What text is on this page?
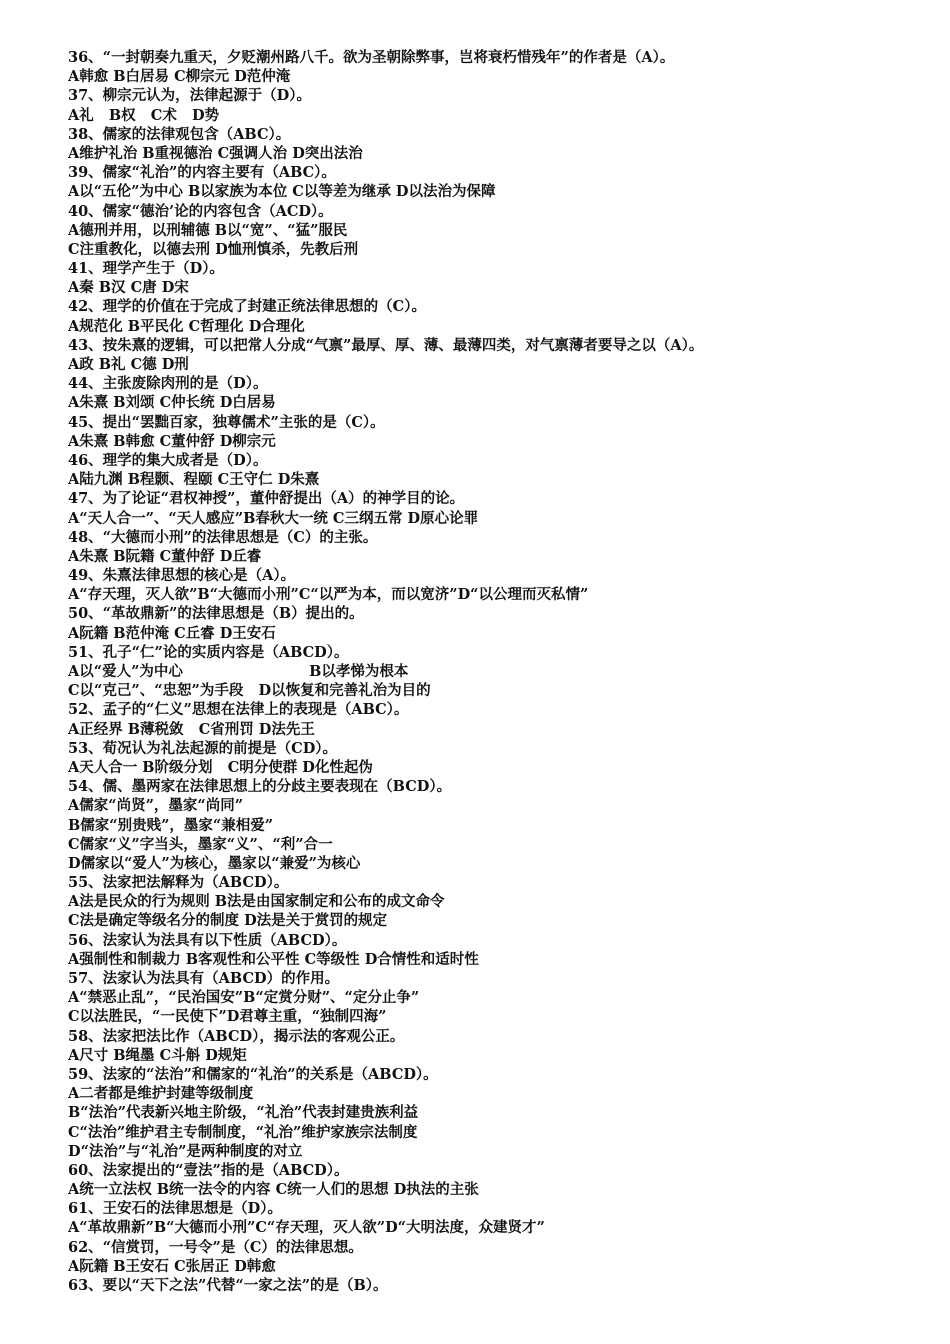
36、“一封朝奏九重天，夕贬潮州路八千。欲为圣朝除弊事，岂将衰朽惜残年”的作者是（A）。
A韩愈 B白居易 C柳宗元 D范仲淹
37、柳宗元认为，法律起源于（D）。
A礼   B权   C术   D势
38、儒家的法律观包含（ABC）。
A维护礼治 B重视德治 C强调人治 D突出法治
39、儒家“礼治”的内容主要有（ABC）。
A以“五伦”为中心 B以家族为本位 C以等差为继承 D以法治为保障
40、儒家“德治’论的内容包含（ACD）。
A德刑并用，以刑辅德 B以“宽”、“猛”服民
C注重教化，以德去刑 D恤刑慎杀，先教后刑
41、理学产生于（D）。
A秦 B汉 C唐 D宋
42、理学的价值在于完成了封建正统法律思想的（C）。
A规范化 B平民化 C哲理化 D合理化
43、按朱熹的逻辑，可以把常人分成“气禀”最厚、厚、薄、最薄四类，对气禀薄者要导之以（A）。
A政 B礼 C德 D刑
44、主张废除肉刑的是（D）。
A朱熹 B刘颂 C仲长统 D白居易
45、提出“罢黜百家，独尊儒术”主张的是（C）。
A朱熹 B韩愈 C董仲舒 D柳宗元
46、理学的集大成者是（D）。
A陆九渊 B程颢、程颐 C王守仁 D朱熹
47、为了论证“君权神授”，董仲舒提出（A）的神学目的论。
A“天人合一”、“天人感应”B春秋大一统 C三纲五常 D原心论罪
48、“大德而小刑”的法律思想是（C）的主张。
A朱熹 B阮籍 C董仲舒 D丘睿
49、朱熹法律思想的核心是（A）。
A“存天理，灭人欲”B“大德而小刑”C“以严为本，而以宽济”D“以公理而灭私情”
50、“革故鼎新”的法律思想是（B）提出的。
A阮籍 B范仲淹 C丘睿 D王安石
51、孔子“仁”论的实质内容是（ABCD）。
A以“爱人”为中心                         B以孝悌为根本
C以“克己”、“忠恕”为手段   D以恢复和完善礼治为目的
52、孟子的“仁义”思想在法律上的表现是（ABC）。
A正经界 B薄税敛   C省刑罚 D法先王
53、荀况认为礼法起源的前提是（CD）。
A天人合一 B阶级分划   C明分使群 D化性起伪
54、儒、墨两家在法律思想上的分歧主要表现在（BCD）。
A儒家“尚贤”，墨家“尚同”
B儒家“别贵贱”，墨家“兼相爱”
C儒家“义”字当头，墨家“义”、“利”合一
D儒家以“爱人”为核心，墨家以“兼爱”为核心
55、法家把法解释为（ABCD）。
A法是民众的行为规则 B法是由国家制定和公布的成文命令
C法是确定等级名分的制度 D法是关于赏罚的规定
56、法家认为法具有以下性质（ABCD）。
A强制性和制裁力 B客观性和公平性 C等级性 D合情性和适时性
57、法家认为法具有（ABCD）的作用。
A“禁恶止乱”，“民治国安”B“定赏分财”、“定分止争”
C以法胜民，“一民使下”D君尊主重，“独制四海”
58、法家把法比作（ABCD），揭示法的客观公正。
A尺寸 B绳墨 C斗斛 D规矩
59、法家的“法治”和儒家的“礼治”的关系是（ABCD）。
A二者都是维护封建等级制度
B“法治”代表新兴地主阶级，“礼治”代表封建贵族利益
C“法治”维护君主专制制度，“礼治”维护家族宗法制度
D“法治”与“礼治”是两种制度的对立
60、法家提出的“壹法”指的是（ABCD）。
A统一立法权 B统一法令的内容 C统一人们的思想 D执法的主张
61、王安石的法律思想是（D）。
A“革故鼎新”B“大德而小刑”C“存天理，灭人欲”D“大明法度，众建贤才”
62、“信赏罚，一号令”是（C）的法律思想。
A阮籍 B王安石 C张居正 D韩愈
63、要以“天下之法”代替“一家之法”的是（B）。
